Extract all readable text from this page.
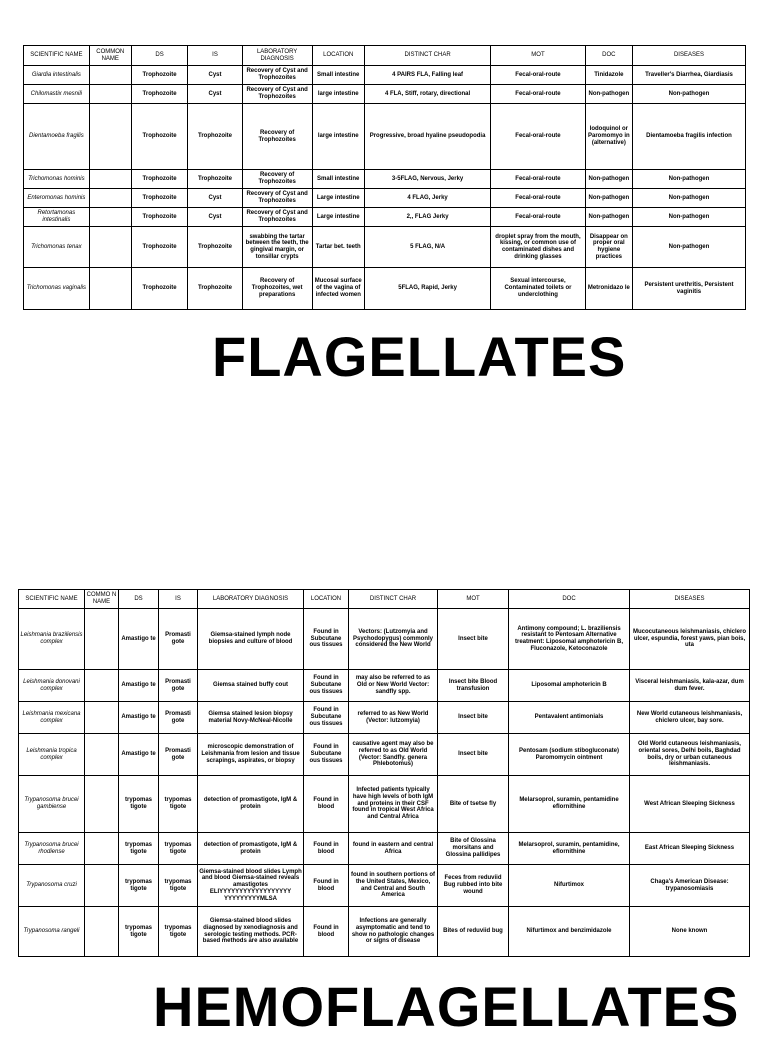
SCIENTIFIC NAME	COMMON NAME	DS	IS	LABORATORY DIAGNOSIS	LOCATION	DISTINCT CHAR	MOT	DOC	DISEASES
Giardia intestinalis		Trophozoite	Cyst	Recovery of Cyst and Trophozoites	Small intestine	4 PAIRS FLA, Falling leaf	Fecal-oral-route	Tinidazole	Traveller's Diarrhea, Giardiasis
Chilomastix mesnili		Trophozoite	Cyst	Recovery of Cyst and Trophozoites	large intestine	4 FLA, Stiff, rotary, directional	Fecal-oral-route	Non-pathogen	Non-pathogen
Dientamoeba fragilis		Trophozoite	Trophozoite	Recovery of Trophozoites	large intestine	Progressive, broad hyaline pseudopodia	Fecal-oral-route	Iodoquinol or Paromomyo in (alternative)	Dientamoeba fragilis infection
Trichomonas hominis		Trophozoite	Trophozoite	Recovery of Trophozoites	Small intestine	3-5FLAG, Nervous, Jerky	Fecal-oral-route	Non-pathogen	Non-pathogen
Enteromonas hominis		Trophozoite	Cyst	Recovery of Cyst and Trophozoites	Large intestine	4 FLAG, Jerky	Fecal-oral-route	Non-pathogen	Non-pathogen
Retortamonas intestinalis		Trophozoite	Cyst	Recovery of Cyst and Trophozoites	Large intestine	2,, FLAG Jerky	Fecal-oral-route	Non-pathogen	Non-pathogen
Trichomonas tenax		Trophozoite	Trophozoite	swabbing the tartar between the teeth, the gingival margin, or tonsillar crypts	Tartar bet. teeth	5 FLAG, N/A	droplet spray from the mouth, kissing, or common use of contaminated dishes and drinking glasses	Disappear on proper oral hygiene practices	Non-pathogen
Trichomonas vaginalis		Trophozoite	Trophozoite	Recovery of Trophozoites, wet preparations	Mucosal surface of the vagina of infected women	5FLAG, Rapid, Jerky	Sexual intercourse, Contaminated toilets or underclothing	Metronidazo le	Persistent urethritis, Persistent vaginitis
FLAGELLATES
SCIENTIFIC NAME	COMMO N NAME	DS	IS	LABORATORY DIAGNOSIS	LOCATION	DISTINCT CHAR	MOT	DOC	DISEASES
Leishmania braziliensis complex		Amastigo te	Promasti gote	Giemsa-stained lymph node biopsies and culture of blood	Found in Subcutane ous tissues	Vectors: (Lutzomyia and Psychodopygus) commonly considered the New World	Insect bite	Antimony compound; L. braziliensis resistant to Pentosam Alternative treatment: Liposomal amphotericin B, Fluconazole, Ketoconazole	Mucocutaneous leishmaniasis, chiclero ulcer, espundia, forest yaws, pian bois, uta
Leishmania donovani complex		Amastigo te	Promasti gote	Giemsa stained buffy cout	Found in Subcutane ous tissues	may also be referred to as Old or New World Vector: sandfly spp.	Insect bite Blood transfusion	Liposomal amphotericin B	Visceral leishmaniasis, kala-azar, dum dum fever.
Leishmania mexicana complex		Amastigo te	Promasti gote	Giemsa stained lesion biopsy material Novy-McNeal-Nicolle	Found in Subcutane ous tissues	referred to as New World (Vector: lutzomyia)	Insect bite	Pentavalent antimonials	New World cutaneous leishmaniasis, chiclero ulcer, bay sore.
Leishmania tropica complex		Amastigo te	Promasti gote	microscopic demonstration of Leishmania from lesion and tissue scrapings, aspirates, or biopsy	Found in Subcutane ous tissues	causative agent may also be referred to as Old World (Vector: Sandfly. genera Phlebotomus)	Insect bite	Pentosam (sodium stibogluconate) Paromomycin ointment	Old World cutaneous leishmaniasis, oriental sores, Delhi boils, Baghdad boils, dry or urban cutaneous leishmaniasis.
Trypanosoma brucei gambiense		trypomas tigote	trypomas tigote	detection of promastigote, IgM & protein	Found in blood	Infected patients typically have high levels of both IgM and proteins in their CSF found in tropical West Africa and Central Africa	Bite of tsetse fly	Melarsoprol, suramin, pentamidine eflornithine	West African Sleeping Sickness
Trypanosoma brucei rhodiense		trypomas tigote	trypomas tigote	detection of promastigote, IgM & protein	Found in blood	found in eastern and central Africa	Bite of Glossina morsitans and Glossina pallidipes	Melarsoprol, suramin, pentamidine, eflornithine	East African Sleeping Sickness
Trypanosoma cruzi		trypomas tigote	trypomas tigote	Giemsa-stained blood slides Lymph and blood Giemsa-stained reveals amastigotes ELIYYYYYYYYYYYYYYYYYY YYYYYYYYYMLSA	Found in blood	found in southern portions of the United States, Mexico, and Central and South America	Feces from reduviid Bug rubbed into bite wound	Nifurtimox	Chaga's American Disease: trypanosomiasis
Trypanosoma rangeli		trypomas tigote	trypomas tigote	Giemsa-stained blood slides diagnosed by xenodiagnosis and serologic testing methods. PCR-based methods are also available	Found in blood	Infections are generally asymptomatic and tend to show no pathologic changes or signs of disease	Bites of reduviid bug	Nifurtimox and benzimidazole	None known
HEMOFLAGELLATES
